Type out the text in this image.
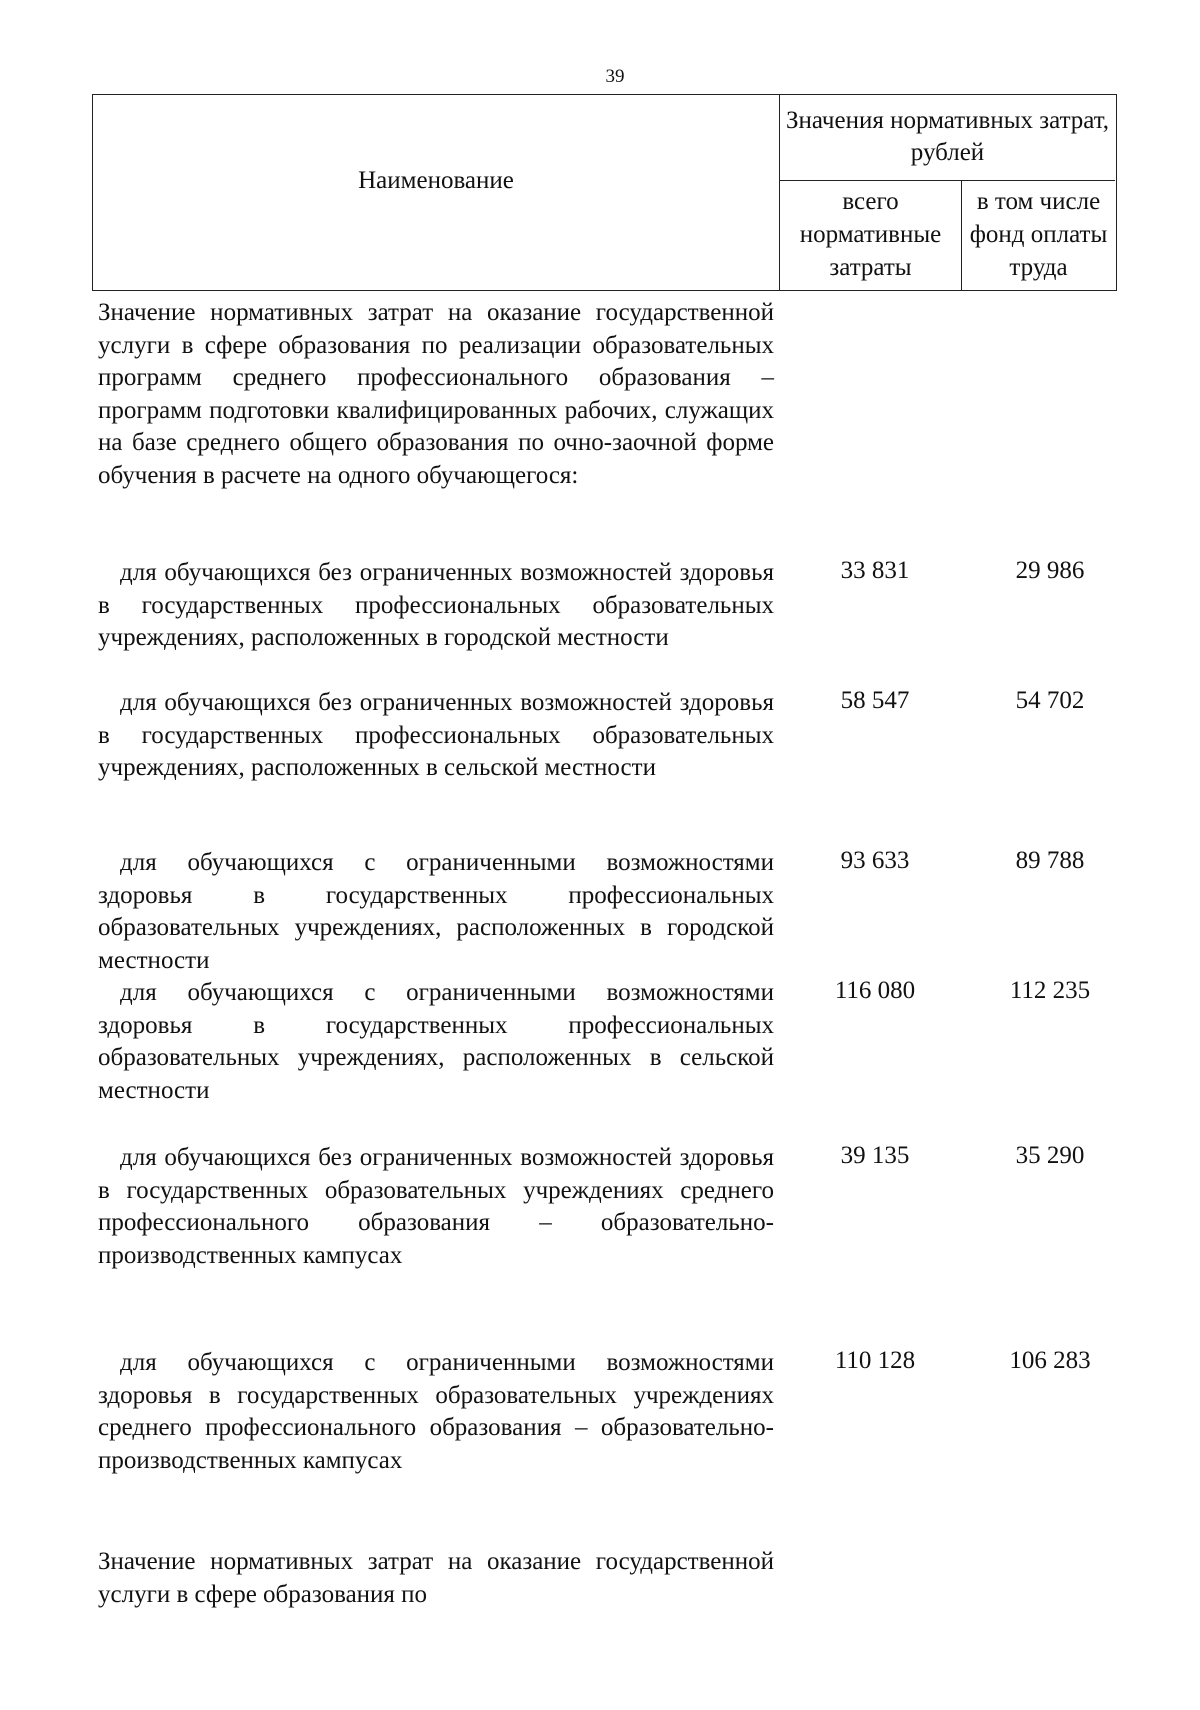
39
Наименование
Значения нормативных затрат, рублей
всего нормативные затраты
в том числе фонд оплаты труда
Значение нормативных затрат на оказание государственной услуги в сфере образования по реализации образовательных программ среднего профессионального образования – программ подготовки квалифицированных рабочих, служащих на базе среднего общего образования по очно-заочной форме обучения в расчете на одного обучающегося:
для обучающихся без ограниченных возможностей здоровья в государственных профессиональных образовательных учреждениях, расположенных в городской местности
33 831	29 986
для обучающихся без ограниченных возможностей здоровья в государственных профессиональных образовательных учреждениях, расположенных в сельской местности
58 547	54 702
для обучающихся с ограниченными возможностями здоровья в государственных профессиональных образовательных учреждениях, расположенных в городской местности
93 633	89 788
для обучающихся с ограниченными возможностями здоровья в государственных профессиональных образовательных учреждениях, расположенных в сельской местности
116 080	112 235
для обучающихся без ограниченных возможностей здоровья в государственных образовательных учреждениях среднего профессионального образования – образовательно-производственных кампусах
39 135	35 290
для обучающихся с ограниченными возможностями здоровья в государственных образовательных учреждениях среднего профессионального образования – образовательно-производственных кампусах
110 128	106 283
Значение нормативных затрат на оказание государственной услуги в сфере образования по
